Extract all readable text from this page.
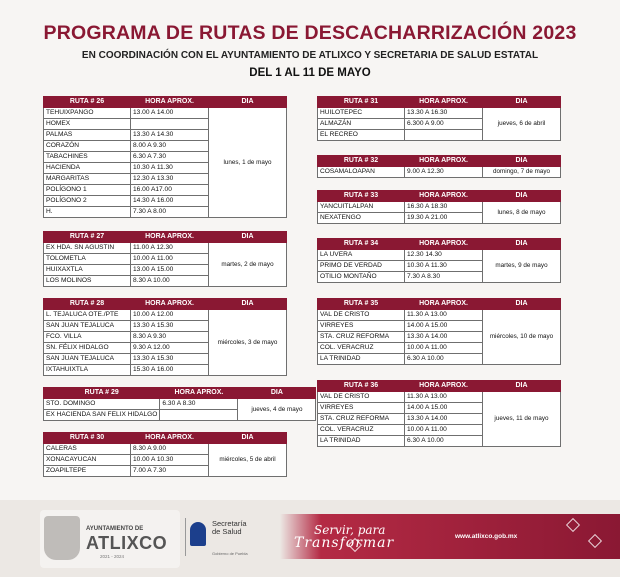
PROGRAMA DE RUTAS DE DESCACHARRIZACIÓN 2023
EN COORDINACIÓN CON EL AYUNTAMIENTO DE ATLIXCO Y SECRETARIA DE SALUD ESTATAL
DEL 1 AL 11 DE MAYO
RUTA # 26	HORA APROX.	DIA
TEHUIXPANGO	13.00 A 14.00	lunes, 1 de mayo
HOMEX		
PALMAS	13.30 A 14.30	
CORAZÓN	8.00 A 9.30	
TABACHINES	6.30 A 7.30	
HACIENDA	10.30 A 11.30	
MARGARITAS	12.30 A 13.30	
POLÍGONO 1	16.00 A17.00	
POLÍGONO 2	14.30 A 16.00	
H.	7.30 A 8.00	
RUTA # 27	HORA APROX.	DIA
EX HDA. SN AGUSTIN	11.00 A 12.30	martes, 2 de mayo
TOLOMETLA	10.00 A 11.00	
HUIXAXTLA	13.00 A 15.00	
LOS MOLINOS	8.30 A 10.00	
RUTA # 28	HORA APROX.	DIA
L. TEJALUCA OTE./PTE	10.00 A 12.00	miércoles, 3 de mayo
SAN JUAN TEJALUCA	13.30 A 15.30	
FCO. VILLA	8.30 A 9.30	
SN. FÉLIX HIDALGO	9.30 A 12.00	
SAN JUAN TEJALUCA	13.30 A 15.30	
IXTAHUIXTLA	15.30 A 16.00	
RUTA # 29	HORA APROX.	DIA
STO. DOMINGO	6.30 A 8.30	jueves, 4 de mayo
EX HACIENDA SAN FELIX HIDALGO		
RUTA # 30	HORA APROX.	DIA
CALERAS	8.30 A 9.00	miércoles, 5 de abril
XONACAYUCAN	10.00 A 10.30	
ZOAPILTEPE	7.00 A 7.30	
RUTA # 31	HORA APROX.	DIA
HUILOTEPEC	13.30 A 16.30	jueves, 6 de abril
ALMAZÁN	6.300 A 9.00	
EL RECREO		
RUTA # 32	HORA APROX.	DIA
COSAMALOAPAN	9.00 A 12.30	domingo, 7 de mayo
RUTA # 33	HORA APROX.	DIA
YANCUITLALPAN	16.30 A 18.30	lunes, 8 de mayo
NEXATENGO	19.30 A 21.00	
RUTA # 34	HORA APROX.	DIA
LA UVERA	12.30 14.30	martes, 9 de mayo
PRIMO DE VERDAD	10.30 A 11.30	
OTILIO MONTAÑO	7.30 A 8.30	
RUTA # 35	HORA APROX.	DIA
VAL DE CRISTO	11.30 A 13.00	miércoles, 10 de mayo
VIRREYES	14.00 A 15.00	
STA. CRUZ REFORMA	13.30 A 14.00	
COL. VERACRUZ	10.00 A 11.00	
LA TRINIDAD	6.30 A 10.00	
RUTA # 36	HORA APROX.	DIA
VAL DE CRISTO	11.30 A 13.00	jueves, 11 de mayo
VIRREYES	14.00 A 15.00	
STA. CRUZ REFORMA	13.30 A 14.00	
COL. VERACRUZ	10.00 A 11.00	
LA TRINIDAD	6.30 A 10.00	
AYUNTAMIENTO DE
ATLIXCO
2021 - 2024
Secretaría
de Salud
Gobierno de Puebla
Servir, para
Transformar	www.atlixco.gob.mx
